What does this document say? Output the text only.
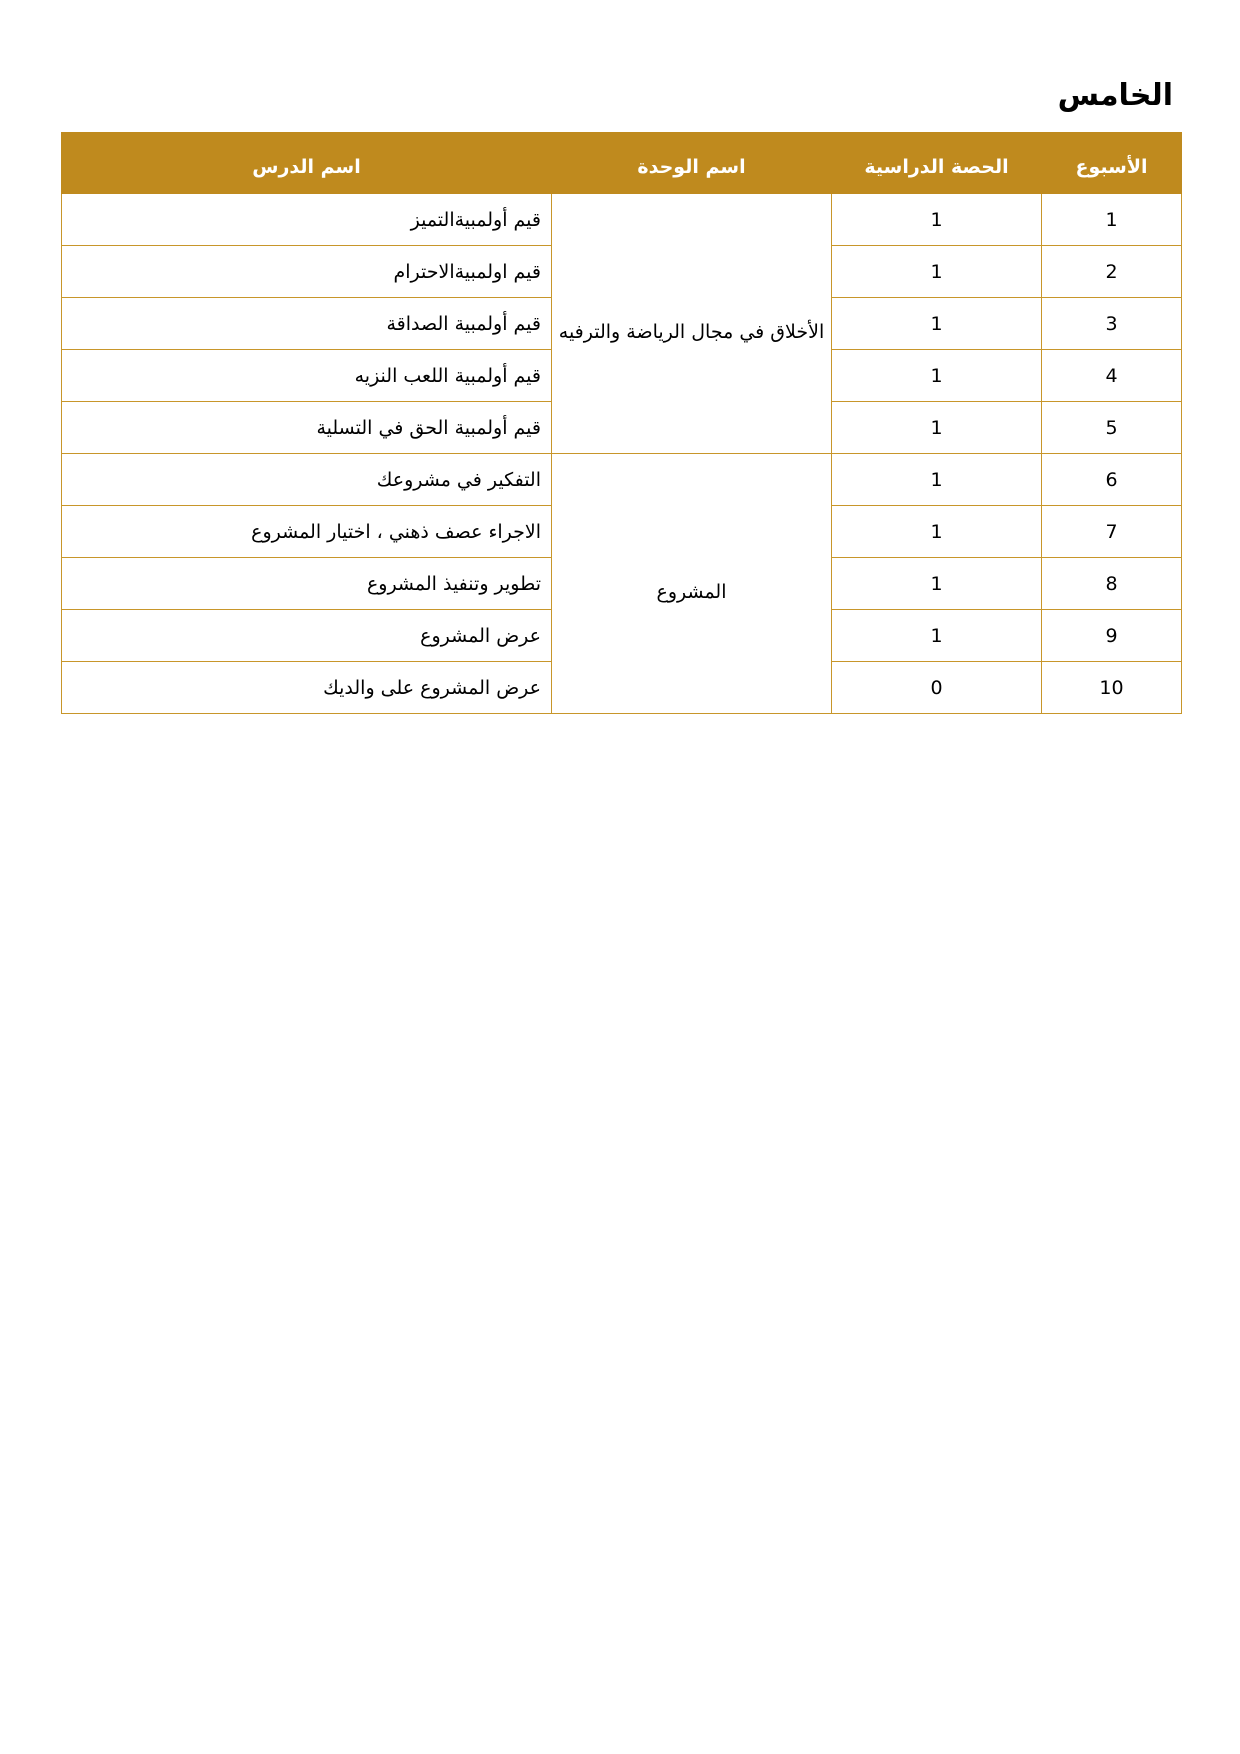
الخامس
الأسبوع	الحصة الدراسية	اسم الوحدة	اسم الدرس
1	1	الأخلاق في مجال الرياضة والترفيه	قيم أولمبيةالتميز
2	1		قيم اولمبيةالاحترام
3	1		قيم أولمبية الصداقة
4	1		قيم أولمبية اللعب النزيه
5	1		قيم أولمبية الحق في التسلية
6	1	المشروع	التفكير في مشروعك
7	1		الاجراء عصف ذهني ، اختيار المشروع
8	1		تطوير وتنفيذ المشروع
9	1		عرض المشروع
10	0		عرض المشروع على والديك
